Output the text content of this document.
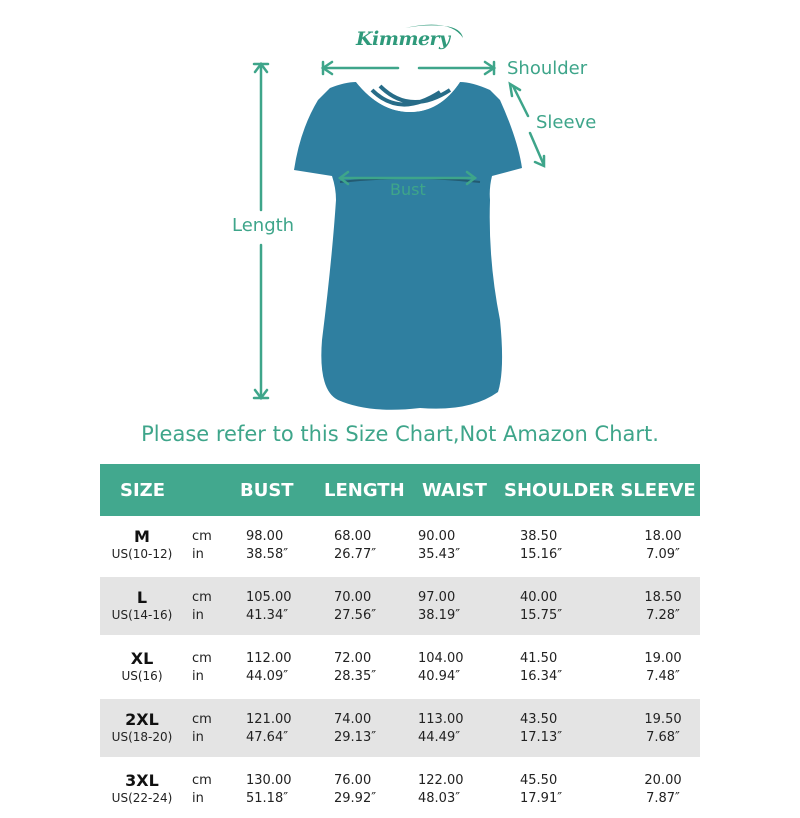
Kimmery
Shoulder
Sleeve
Bust
Length
Please refer to this Size Chart,Not Amazon Chart.
SIZE	BUST	LENGTH WAIST SHOULDER SLEEVE
M
US(10-12)
cm
in
98.00
38.58″
68.00
26.77″
90.00
35.43″
38.50
15.16″
18.00
7.09″
L
US(14-16)
cm
in
105.00
41.34″
70.00
27.56″
97.00
38.19″
40.00
15.75″
18.50
7.28″
XL
US(16)
cm
in
112.00
44.09″
72.00
28.35″
104.00
40.94″
41.50
16.34″
19.00
7.48″
2XL
US(18-20)
cm
in
121.00
47.64″
74.00
29.13″
113.00
44.49″
43.50
17.13″
19.50
7.68″
3XL
US(22-24)
cm
in
130.00
51.18″
76.00
29.92″
122.00
48.03″
45.50
17.91″
20.00
7.87″
